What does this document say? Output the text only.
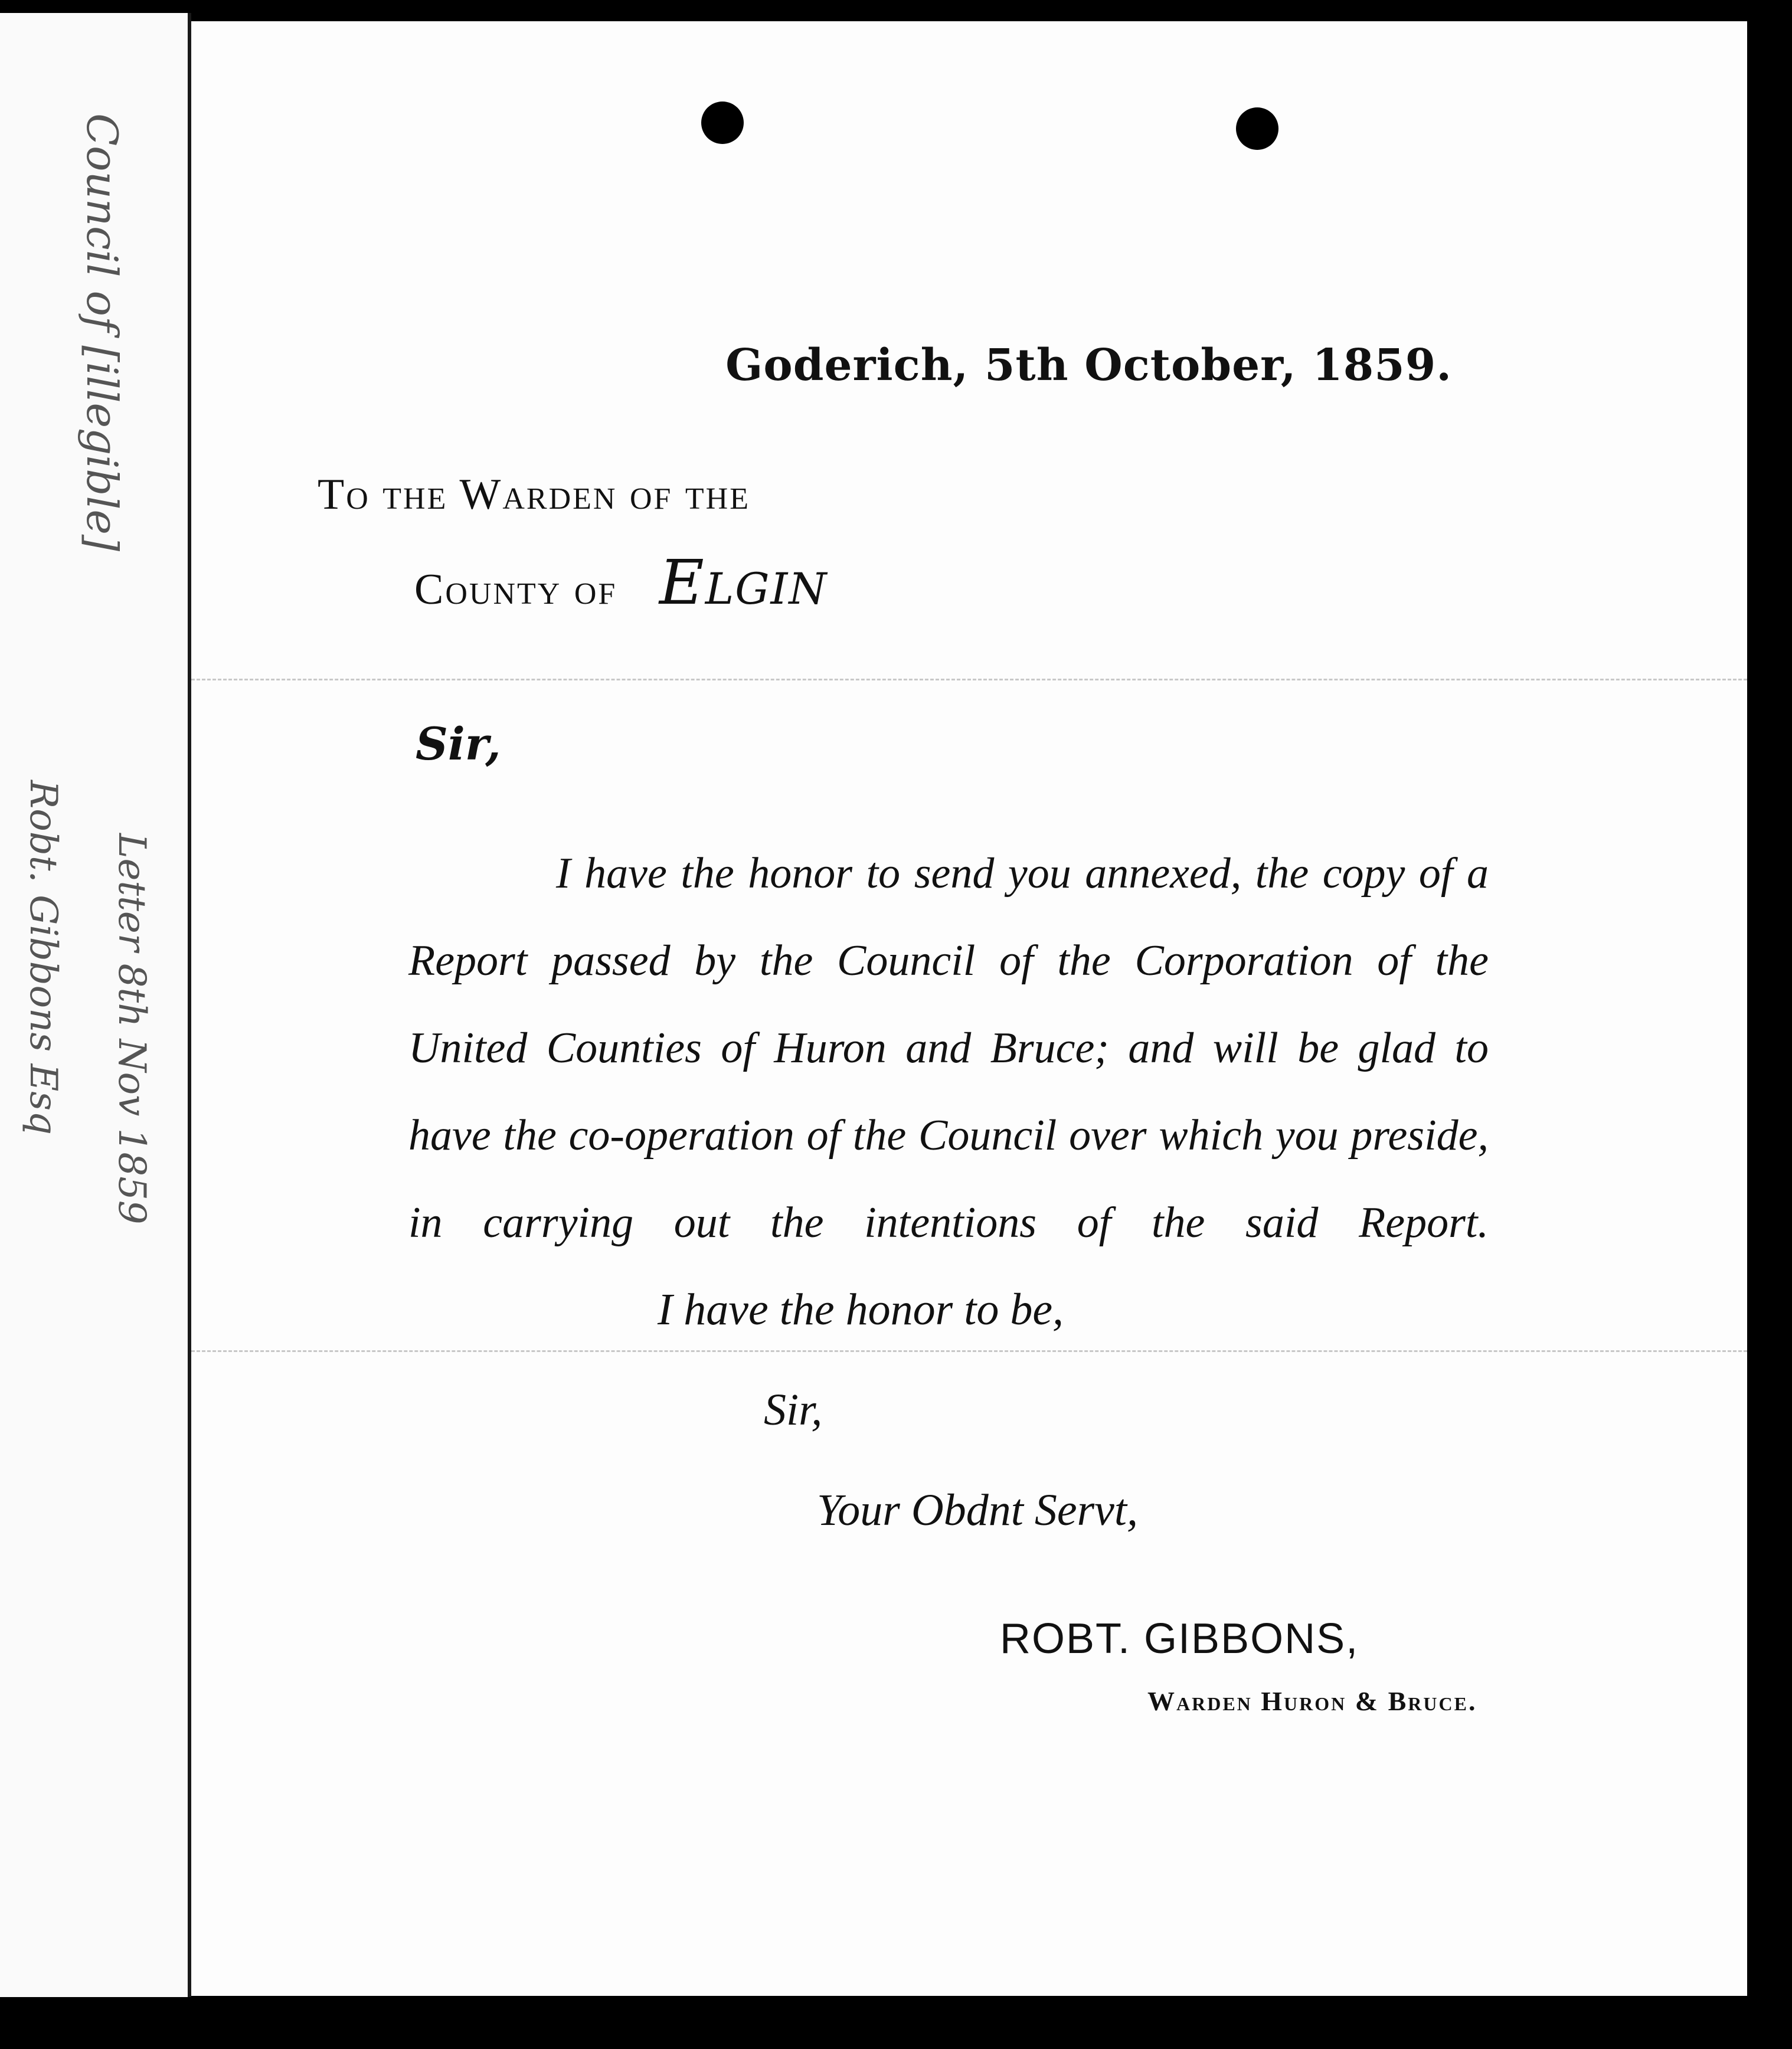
Council of [illegible]
Letter 8th Nov 1859
Robt. Gibbons Esq
Goderich, 5th October, 1859.
To the Warden of the
County of Elgin
Sir,
I have the honor to send you annexed, the copy of a Report passed by the Council of the Corporation of the United Counties of Huron and Bruce; and will be glad to have the co-operation of the Council over which you preside, in carrying out the intentions of the said Report.
I have the honor to be,
Sir,
Your Obdnt Servt,
ROBT. GIBBONS,
Warden Huron & Bruce.
